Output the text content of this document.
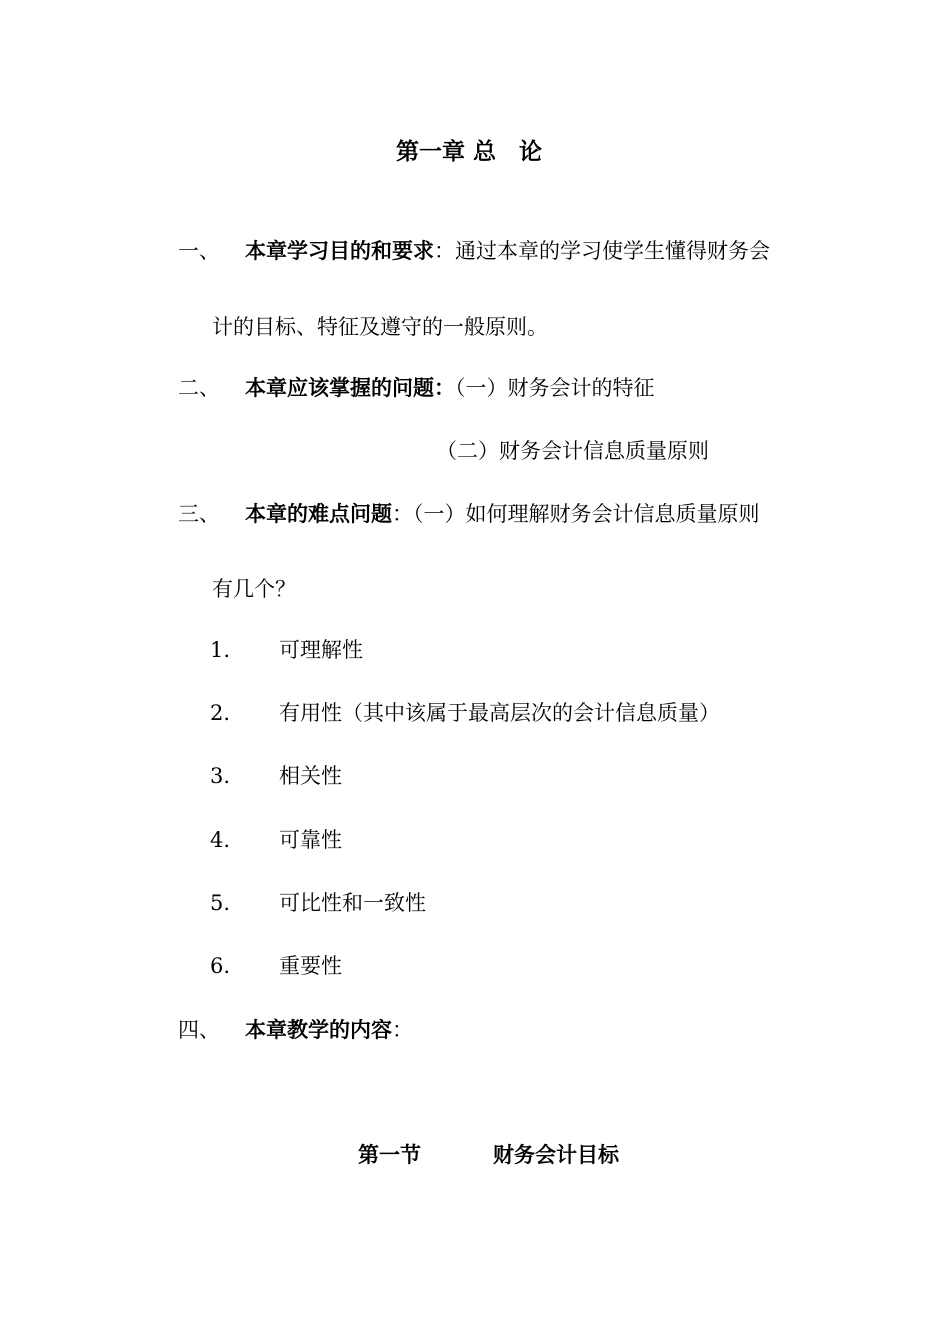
第一章 总　论
一、 本章学习目的和要求：通过本章的学习使学生懂得财务会
计的目标、特征及遵守的一般原则。
二、 本章应该掌握的问题：（一）财务会计的特征
（二）财务会计信息质量原则
三、 本章的难点问题：（一）如何理解财务会计信息质量原则
有几个？
1. 可理解性
2. 有用性（其中该属于最高层次的会计信息质量）
3. 相关性
4. 可靠性
5. 可比性和一致性
6. 重要性
四、 本章教学的内容：
第一节	财务会计目标
